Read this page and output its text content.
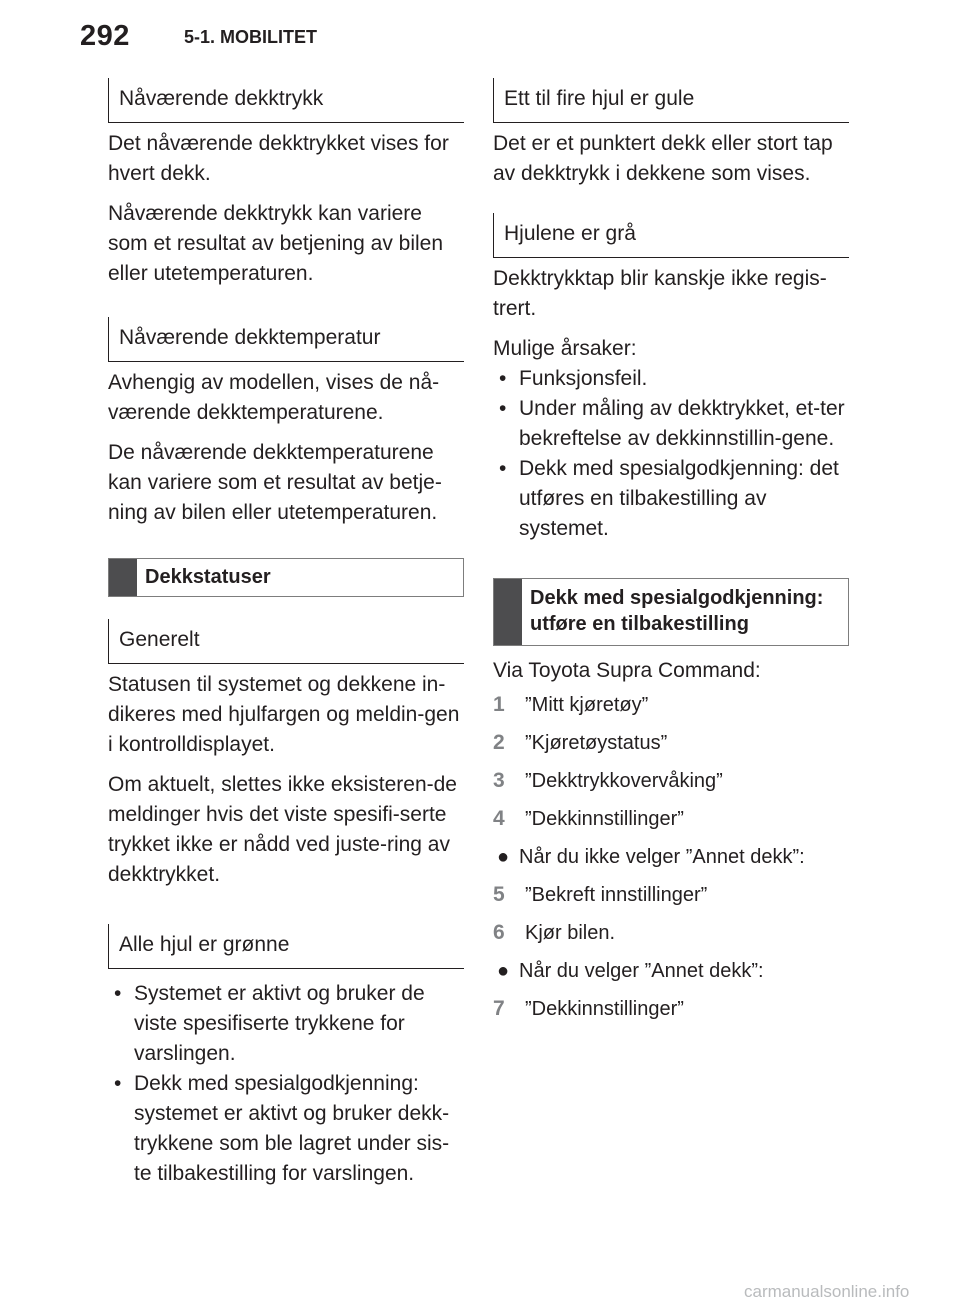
292	5-1. MOBILITET
Nåværende dekktrykk

Det nåværende dekktrykket vises for hvert dekk.

Nåværende dekktrykk kan variere som et resultat av betjening av bilen eller utetemperaturen.

Nåværende dekktemperatur

Avhengig av modellen, vises de nå-værende dekktemperaturene.

De nåværende dekktemperaturene kan variere som et resultat av betje-ning av bilen eller utetemperaturen.

Dekkstatuser
Generelt

Statusen til systemet og dekkene in-dikeres med hjulfargen og meldin-gen i kontrolldisplayet.

Om aktuelt, slettes ikke eksisteren-de meldinger hvis det viste spesifi-serte trykket ikke er nådd ved juste-ring av dekktrykket.

Alle hjul er grønne
• Systemet er aktivt og bruker de viste spesifiserte trykkene for varslingen.
• Dekk med spesialgodkjenning: systemet er aktivt og bruker dekk-trykkene som ble lagret under sis-te tilbakestilling for varslingen.
Ett til fire hjul er gule

Det er et punktert dekk eller stort tap av dekktrykk i dekkene som vises.

Hjulene er grå

Dekktrykktap blir kanskje ikke regis-trert.

Mulige årsaker:

• Funksjonsfeil.
• Under måling av dekktrykket, et-ter bekreftelse av dekkinnstillin-gene.
• Dekk med spesialgodkjenning: det utføres en tilbakestilling av systemet.
Dekk med spesialgodkjenning: utføre en tilbakestilling

Via Toyota Supra Command:

1	”Mitt kjøretøy”
2	”Kjøretøystatus”
3	”Dekktrykkovervåking”
4	”Dekkinnstillinger”
● Når du ikke velger ”Annet dekk”:
5	”Bekreft innstillinger”
6	Kjør bilen.
● Når du velger ”Annet dekk”:
7	”Dekkinnstillinger”
carmanualsonline.info
